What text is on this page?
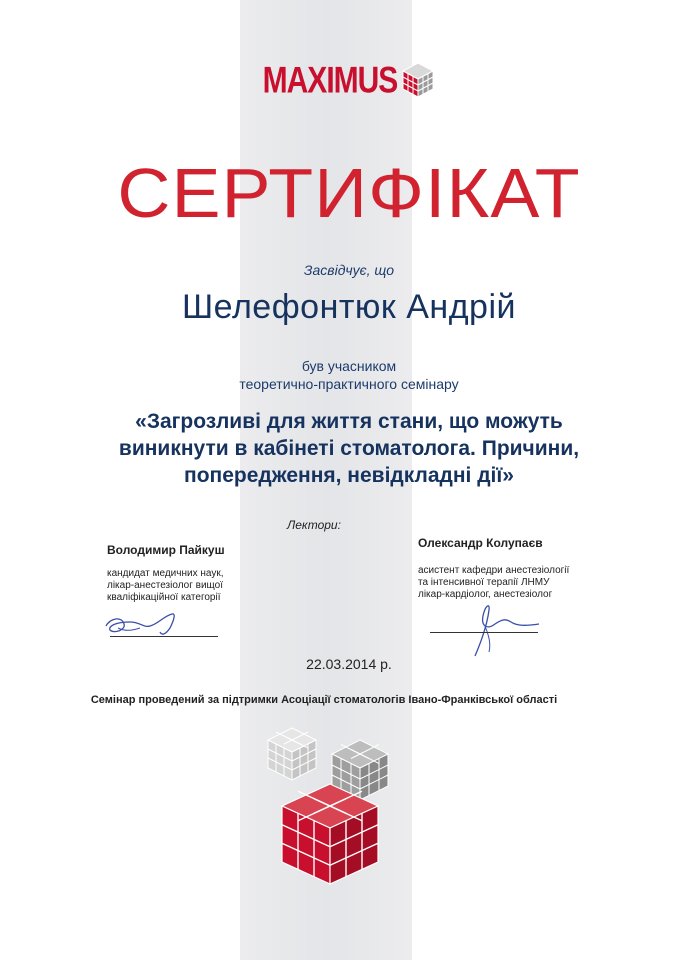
MAXIMUS
СЕРТИФІКАТ
Засвідчує, що
Шелефонтюк Андрій
був учасником
теоретично-практичного семінару
«Загрозливі для життя стани, що можуть
виникнути в кабінеті стоматолога. Причини,
попередження, невідкладні дії»
Лектори:
Володимир Пайкуш
кандидат медичних наук,
лікар-анестезіолог вищої
кваліфікаційної категорії
Олександр Колупаєв
асистент кафедри анестезіології
та інтенсивної терапії ЛНМУ
лікар-кардіолог, анестезіолог
22.03.2014 р.
Семінар проведений за підтримки Асоціації стоматологів Івано-Франківської області
